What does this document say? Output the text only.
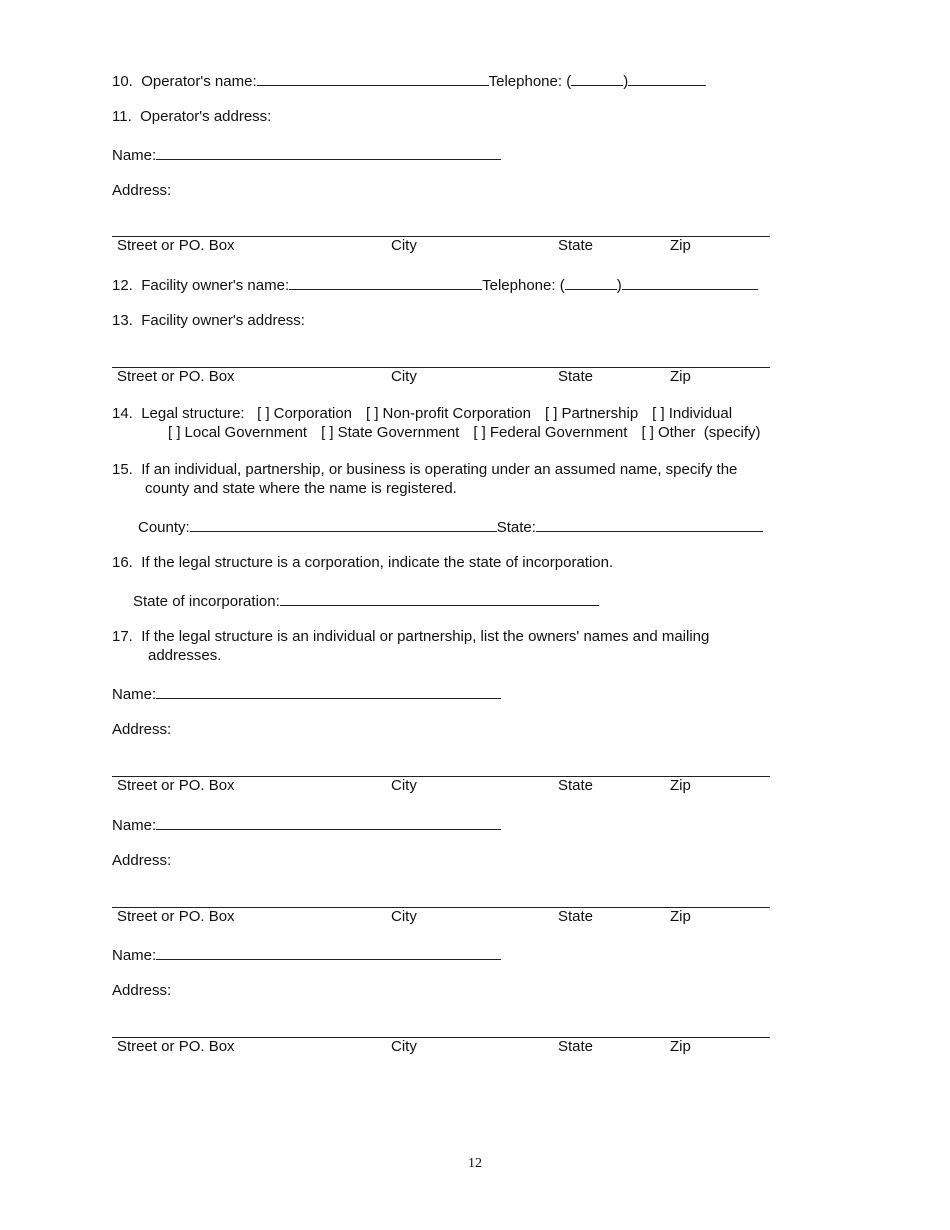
10. Operator's name:	Telephone: (	)
11. Operator's address:
Name:
Address:
Street or PO. Box	City	State	Zip
12. Facility owner's name:	Telephone: (	)
13. Facility owner's address:
Street or PO. Box	City	State	Zip
14. Legal structure: [ ] Corporation [ ] Non-profit Corporation [ ] Partnership [ ] Individual
[ ] Local Government [ ] State Government [ ] Federal Government [ ] Other  (specify)
15. If an individual, partnership, or business is operating under an assumed name, specify the
county and state where the name is registered.
County:	State:
16. If the legal structure is a corporation, indicate the state of incorporation.
State of incorporation:
17. If the legal structure is an individual or partnership, list the owners' names and mailing
addresses.
Name:
Address:
Street or PO. Box	City	State	Zip
Name:
Address:
Street or PO. Box	City	State	Zip
Name:
Address:
Street or PO. Box	City	State	Zip
12
